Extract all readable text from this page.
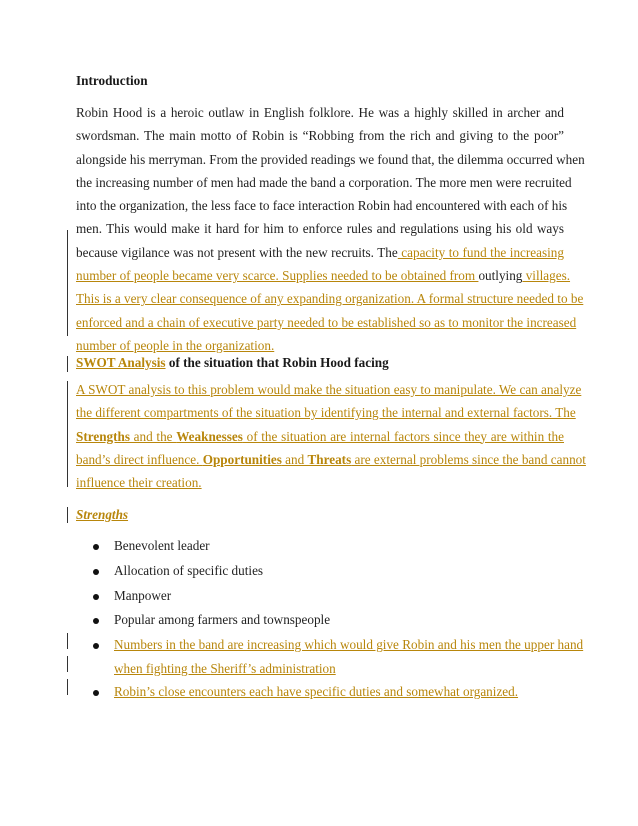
Introduction
Robin Hood is a heroic outlaw in English folklore. He was a highly skilled in archer and
swordsman. The main motto of Robin is “Robbing from the rich and giving to the poor”
alongside his merryman. From the provided readings we found that, the dilemma occurred when
the increasing number of men had made the band a corporation. The more men were recruited
into the organization, the less face to face interaction Robin had encountered with each of his
men. This would make it hard for him to enforce rules and regulations using his old ways
because vigilance was not present with the new recruits. The capacity to fund the increasing
number of people became very scarce. Supplies needed to be obtained from outlying villages.
This is a very clear consequence of any expanding organization. A formal structure needed to be
enforced and a chain of executive party needed to be established so as to monitor the increased
number of people in the organization.
SWOT Analysis of the situation that Robin Hood facing
A SWOT analysis to this problem would make the situation easy to manipulate. We can analyze
the different compartments of the situation by identifying the internal and external factors. The
Strengths and the Weaknesses of the situation are internal factors since they are within the
band’s direct influence. Opportunities and Threats are external problems since the band cannot
influence their creation.
Strengths
Benevolent leader
Allocation of specific duties
Manpower
Popular among farmers and townspeople
Numbers in the band are increasing which would give Robin and his men the upper hand
when fighting the Sheriff’s administration
Robin’s close encounters each have specific duties and somewhat organized.
